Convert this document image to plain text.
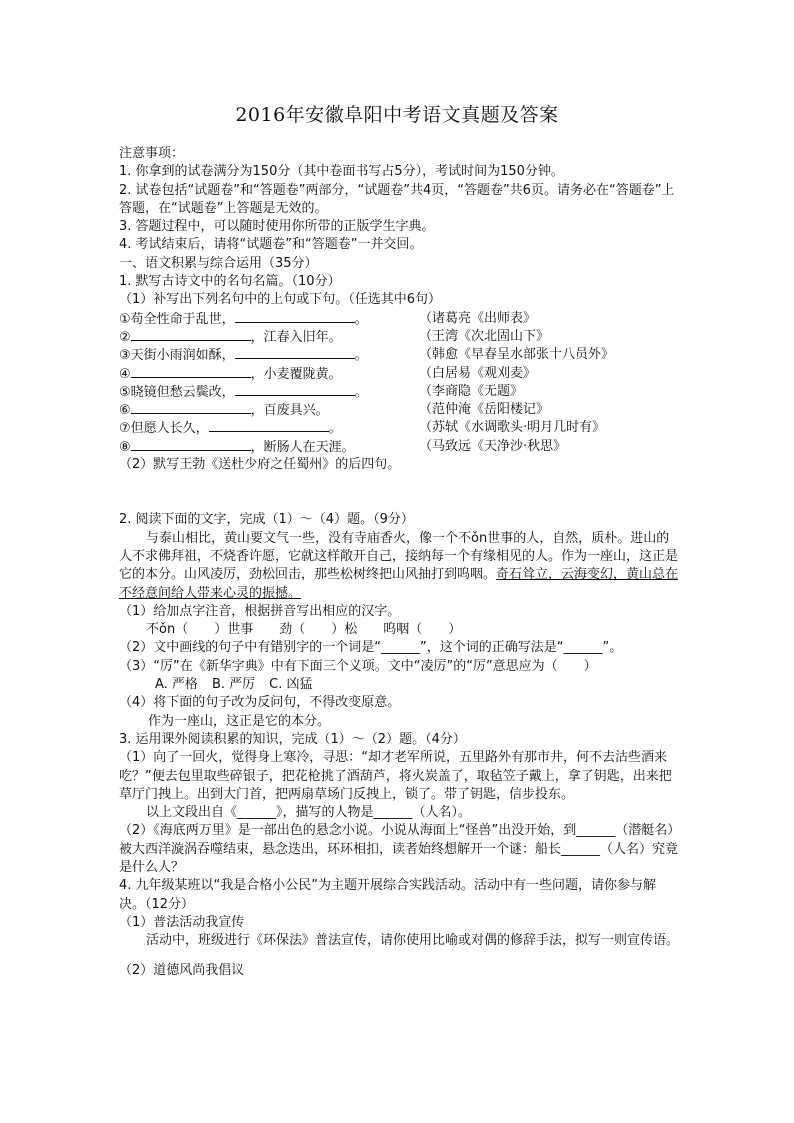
2016年安徽阜阳中考语文真题及答案
注意事项：
1. 你拿到的试卷满分为150分（其中卷面书写占5分），考试时间为150分钟。
2. 试卷包括“试题卷”和“答题卷”两部分，“试题卷”共4页，“答题卷”共6页。请务必在“答题卷”上答题，在“试题卷”上答题是无效的。
3. 答题过程中，可以随时使用你所带的正版学生字典。
4. 考试结束后，请将“试题卷”和“答题卷”一并交回。
一、语文积累与综合运用（35分）
1. 默写古诗文中的名句名篇。（10分）
（1）补写出下列名句中的上句或下句。（任选其中6句）
①苟全性命于乱世，	。	（诸葛亮《出师表》
②	，江春入旧年。	（王湾《次北固山下》
③天街小雨润如酥，	。	（韩愈《早春呈水部张十八员外》
④	，小麦覆陇黄。	（白居易《观刈麦》
⑤晓镜但愁云鬓改，	。	（李商隐《无题》
⑥	，百废具兴。	（范仲淹《岳阳楼记》
⑦但愿人长久，	。	（苏轼《水调歌头·明月几时有》
⑧	，断肠人在天涯。	（马致远《天净沙·秋思》
（2）默写王勃《送杜少府之任蜀州》的后四句。
2. 阅读下面的文字，完成（1）～（4）题。（9分）
与泰山相比，黄山要文气一些，没有寺庙香火，像一个不ǒn世事的人，自然，质朴。进山的人不求佛拜祖，不烧香许愿，它就这样敞开自己，接纳每一个有缘相见的人。作为一座山，这正是它的本分。山风凌厉，劲松回击，那些松树终把山风抽打到呜咽。奇石耸立，云海变幻，黄山总在不经意间给人带来心灵的振撼。
（1）给加点字注音，根据拼音写出相应的汉字。
不ǒn（　　）世事　　劲（　　）松　　呜咽（　　）
（2）文中画线的句子中有错别字的一个词是“______”，这个词的正确写法是“______”。
（3）“厉”在《新华字典》中有下面三个义项。文中“凌厉”的“厉”意思应为（　　）
A. 严格 B. 严厉 C. 凶猛
（4）将下面的句子改为反问句，不得改变原意。
作为一座山，这正是它的本分。
3. 运用课外阅读积累的知识，完成（1）～（2）题。（4分）
（1）向了一回火，觉得身上寒冷，寻思：“却才老军所说，五里路外有那市井，何不去沽些酒来吃？”便去包里取些碎银子，把花枪挑了酒葫芦，将火炭盖了，取毡笠子戴上，拿了钥匙，出来把草厅门拽上。出到大门首，把两扇草场门反拽上，锁了。带了钥匙，信步投东。
以上文段出自《______》，描写的人物是______（人名）。
（2）《海底两万里》是一部出色的悬念小说。小说从海面上“怪兽”出没开始，到______（潜艇名）被大西洋漩涡吞噬结束，悬念迭出，环环相扣，读者始终想解开一个谜：船长______（人名）究竟是什么人？
4. 九年级某班以“我是合格小公民”为主题开展综合实践活动。活动中有一些问题，请你参与解决。（12分）
（1）普法活动我宣传
活动中，班级进行《环保法》普法宣传，请你使用比喻或对偶的修辞手法，拟写一则宣传语。
（2）道德风尚我倡议
